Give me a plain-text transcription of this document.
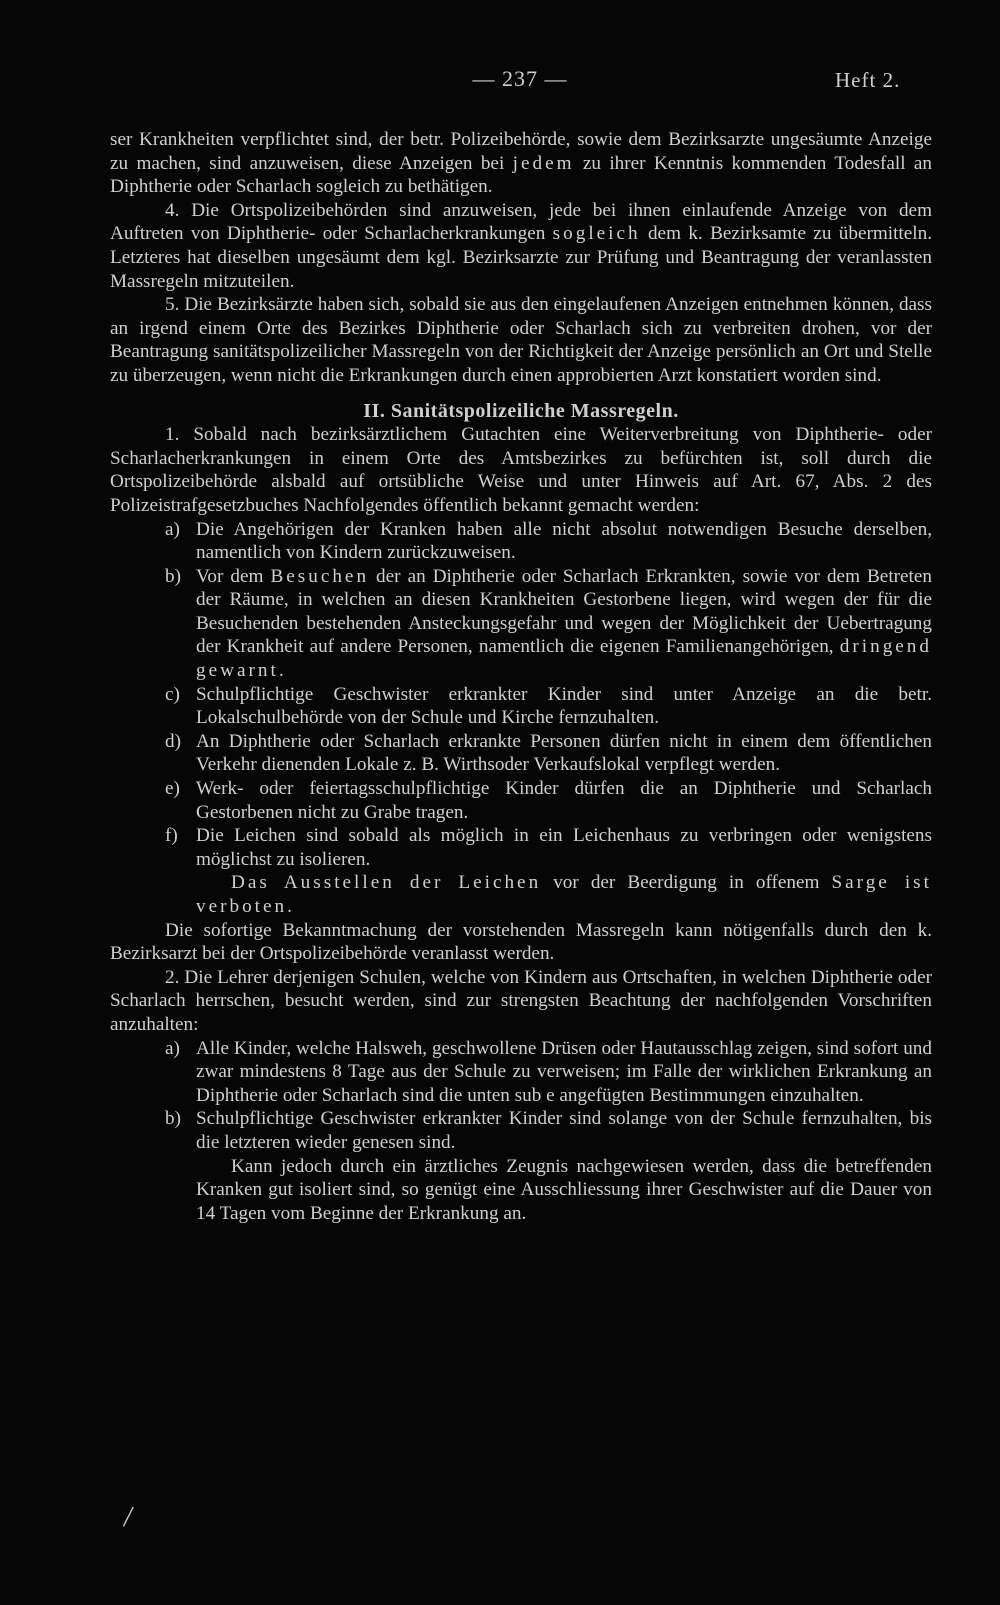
— 237 —	Heft 2.
ser Krankheiten verpflichtet sind, der betr. Polizeibehörde, sowie dem Bezirksarzte ungesäumte Anzeige zu machen, sind anzuweisen, diese Anzeigen bei jedem zu ihrer Kenntnis kommenden Todesfall an Diphtherie oder Scharlach sogleich zu bethätigen.
4. Die Ortspolizeibehörden sind anzuweisen, jede bei ihnen einlaufende Anzeige von dem Auftreten von Diphtherie- oder Scharlacherkrankungen sogleich dem k. Bezirksamte zu übermitteln. Letzteres hat dieselben ungesäumt dem kgl. Bezirksarzte zur Prüfung und Beantragung der veranlassten Massregeln mitzuteilen.
5. Die Bezirksärzte haben sich, sobald sie aus den eingelaufenen Anzeigen entnehmen können, dass an irgend einem Orte des Bezirkes Diphtherie oder Scharlach sich zu verbreiten drohen, vor der Beantragung sanitätspolizeilicher Massregeln von der Richtigkeit der Anzeige persönlich an Ort und Stelle zu überzeugen, wenn nicht die Erkrankungen durch einen approbierten Arzt konstatiert worden sind.
II. Sanitätspolizeiliche Massregeln.
1. Sobald nach bezirksärztlichem Gutachten eine Weiterverbreitung von Diphtherie- oder Scharlacherkrankungen in einem Orte des Amtsbezirkes zu befürchten ist, soll durch die Ortspolizeibehörde alsbald auf ortsübliche Weise und unter Hinweis auf Art. 67, Abs. 2 des Polizeistrafgesetzbuches Nachfolgendes öffentlich bekannt gemacht werden:
a) Die Angehörigen der Kranken haben alle nicht absolut notwendigen Besuche derselben, namentlich von Kindern zurückzuweisen.
b) Vor dem Besuchen der an Diphtherie oder Scharlach Erkrankten, sowie vor dem Betreten der Räume, in welchen an diesen Krankheiten Gestorbene liegen, wird wegen der für die Besuchenden bestehenden Ansteckungsgefahr und wegen der Möglichkeit der Uebertragung der Krankheit auf andere Personen, namentlich die eigenen Familienangehörigen, dringend gewarnt.
c) Schulpflichtige Geschwister erkrankter Kinder sind unter Anzeige an die betr. Lokalschulbehörde von der Schule und Kirche fernzuhalten.
d) An Diphtherie oder Scharlach erkrankte Personen dürfen nicht in einem dem öffentlichen Verkehr dienenden Lokale z. B. Wirthsoder Verkaufslokal verpflegt werden.
e) Werk- oder feiertagsschulpflichtige Kinder dürfen die an Diphtherie und Scharlach Gestorbenen nicht zu Grabe tragen.
f) Die Leichen sind sobald als möglich in ein Leichenhaus zu verbringen oder wenigstens möglichst zu isolieren.
Das Ausstellen der Leichen vor der Beerdigung in offenem Sarge ist verboten.
Die sofortige Bekanntmachung der vorstehenden Massregeln kann nötigenfalls durch den k. Bezirksarzt bei der Ortspolizeibehörde veranlasst werden.
2. Die Lehrer derjenigen Schulen, welche von Kindern aus Ortschaften, in welchen Diphtherie oder Scharlach herrschen, besucht werden, sind zur strengsten Beachtung der nachfolgenden Vorschriften anzuhalten:
a) Alle Kinder, welche Halsweh, geschwollene Drüsen oder Hautausschlag zeigen, sind sofort und zwar mindestens 8 Tage aus der Schule zu verweisen; im Falle der wirklichen Erkrankung an Diphtherie oder Scharlach sind die unten sub e angefügten Bestimmungen einzuhalten.
b) Schulpflichtige Geschwister erkrankter Kinder sind solange von der Schule fernzuhalten, bis die letzteren wieder genesen sind.
Kann jedoch durch ein ärztliches Zeugnis nachgewiesen werden, dass die betreffenden Kranken gut isoliert sind, so genügt eine Ausschliessung ihrer Geschwister auf die Dauer von 14 Tagen vom Beginne der Erkrankung an.
/
